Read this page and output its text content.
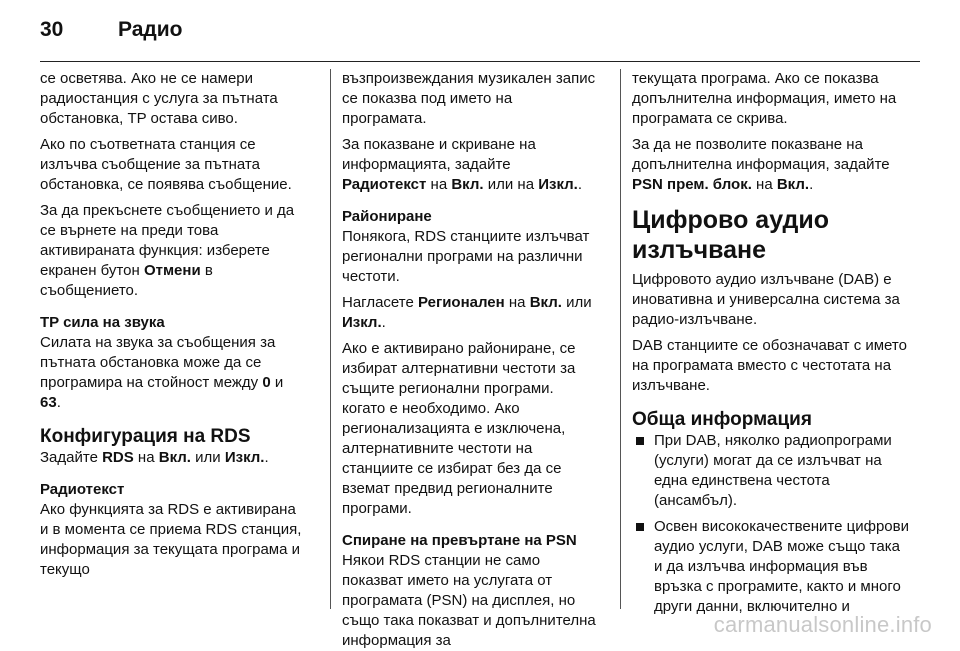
30	Радио

се осветява. Ако не се намери радиостанция с услуга за пътната обстановка, TP остава сиво.

Ако по съответната станция се излъчва съобщение за пътната обстановка, се появява съобщение.

За да прекъснете съобщението и да се върнете на преди това активираната функция: изберете екранен бутон Отмени в съобщението.

TP сила на звука

Силата на звука за съобщения за пътната обстановка може да се програмира на стойност между 0 и 63.

Конфигурация на RDS

Задайте RDS на Вкл. или Изкл..

Радиотекст

Ако функцията за RDS е активирана и в момента се приема RDS станция, информация за текущата програма и текущо

възпроизвеждания музикален запис се показва под името на програмата.

За показване и скриване на информацията, задайте
Радиотекст на Вкл. или на Изкл..

Райониране

Понякога, RDS станциите излъчват регионални програми на различни честоти.

Нагласете Регионален на Вкл. или Изкл..

Ако е активирано райониране, се избират алтернативни честоти за същите регионални програми. когато е необходимо. Ако регионализацията е изключена, алтернативните честоти на станциите се избират без да се вземат предвид регионалните програми.

Спиране на превъртане на PSN

Някои RDS станции не само показват името на услугата от програмата (PSN) на дисплея, но също така показват и допълнителна информация за

текущата програма. Ако се показва допълнителна информация, името на програмата се скрива.

За да не позволите показване на допълнителна информация, задайте PSN прем. блок. на Вкл..

Цифрово аудио излъчване

Цифровото аудио излъчване (DAB) е иновативна и универсална система за радио-излъчване.

DAB станциите се обозначават с името на програмата вместо с честотата на излъчване.

Обща информация
При DAB, няколко радиопрограми (услуги) могат да се излъчват на една единствена честота (ансамбъл).
Освен висококачествените цифрови аудио услуги, DAB може също така и да излъчва информация във връзка с програмите, както и много други данни, включително и
carmanualsonline.info
